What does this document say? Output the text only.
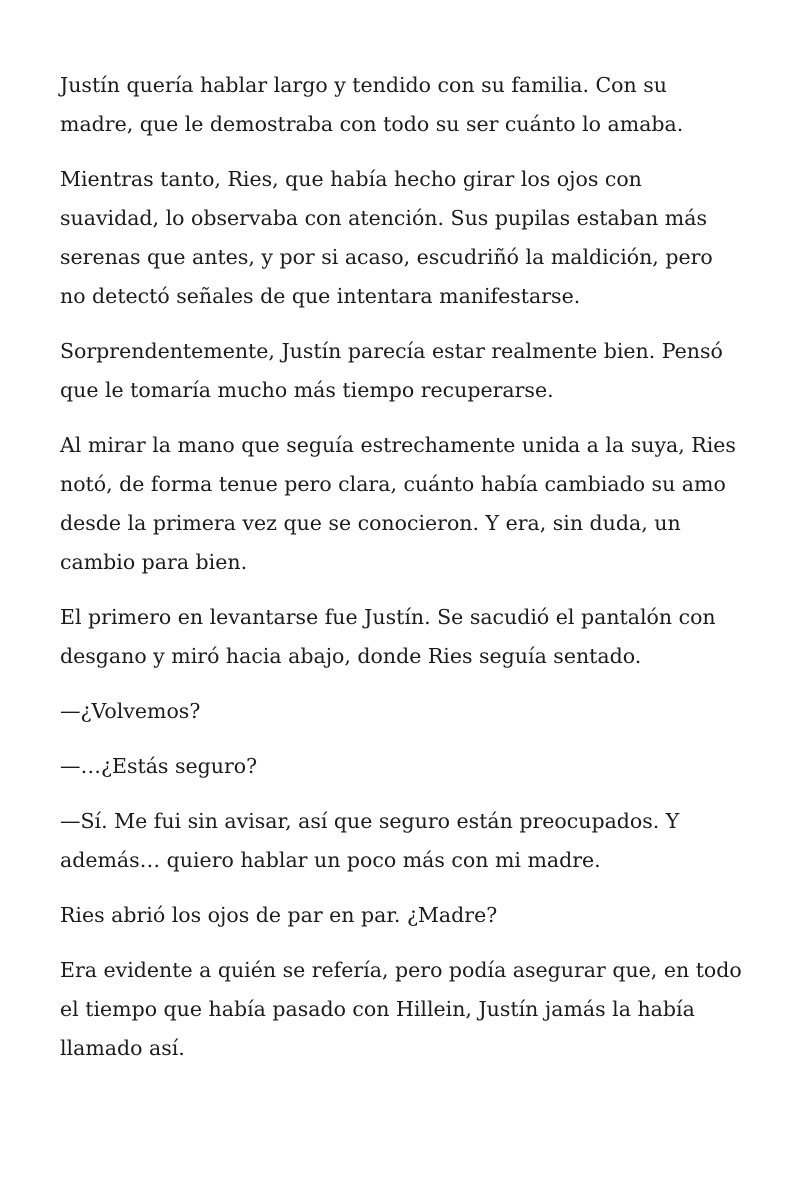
Justín quería hablar largo y tendido con su familia. Con su madre, que le demostraba con todo su ser cuánto lo amaba.

Mientras tanto, Ries, que había hecho girar los ojos con suavidad, lo observaba con atención. Sus pupilas estaban más serenas que antes, y por si acaso, escudriñó la maldición, pero no detectó señales de que intentara manifestarse.

Sorprendentemente, Justín parecía estar realmente bien. Pensó que le tomaría mucho más tiempo recuperarse.

Al mirar la mano que seguía estrechamente unida a la suya, Ries notó, de forma tenue pero clara, cuánto había cambiado su amo desde la primera vez que se conocieron. Y era, sin duda, un cambio para bien.

El primero en levantarse fue Justín. Se sacudió el pantalón con desgano y miró hacia abajo, donde Ries seguía sentado.

—¿Volvemos?

—…¿Estás seguro?

—Sí. Me fui sin avisar, así que seguro están preocupados. Y además… quiero hablar un poco más con mi madre.

Ries abrió los ojos de par en par. ¿Madre?

Era evidente a quién se refería, pero podía asegurar que, en todo el tiempo que había pasado con Hillein, Justín jamás la había llamado así.
